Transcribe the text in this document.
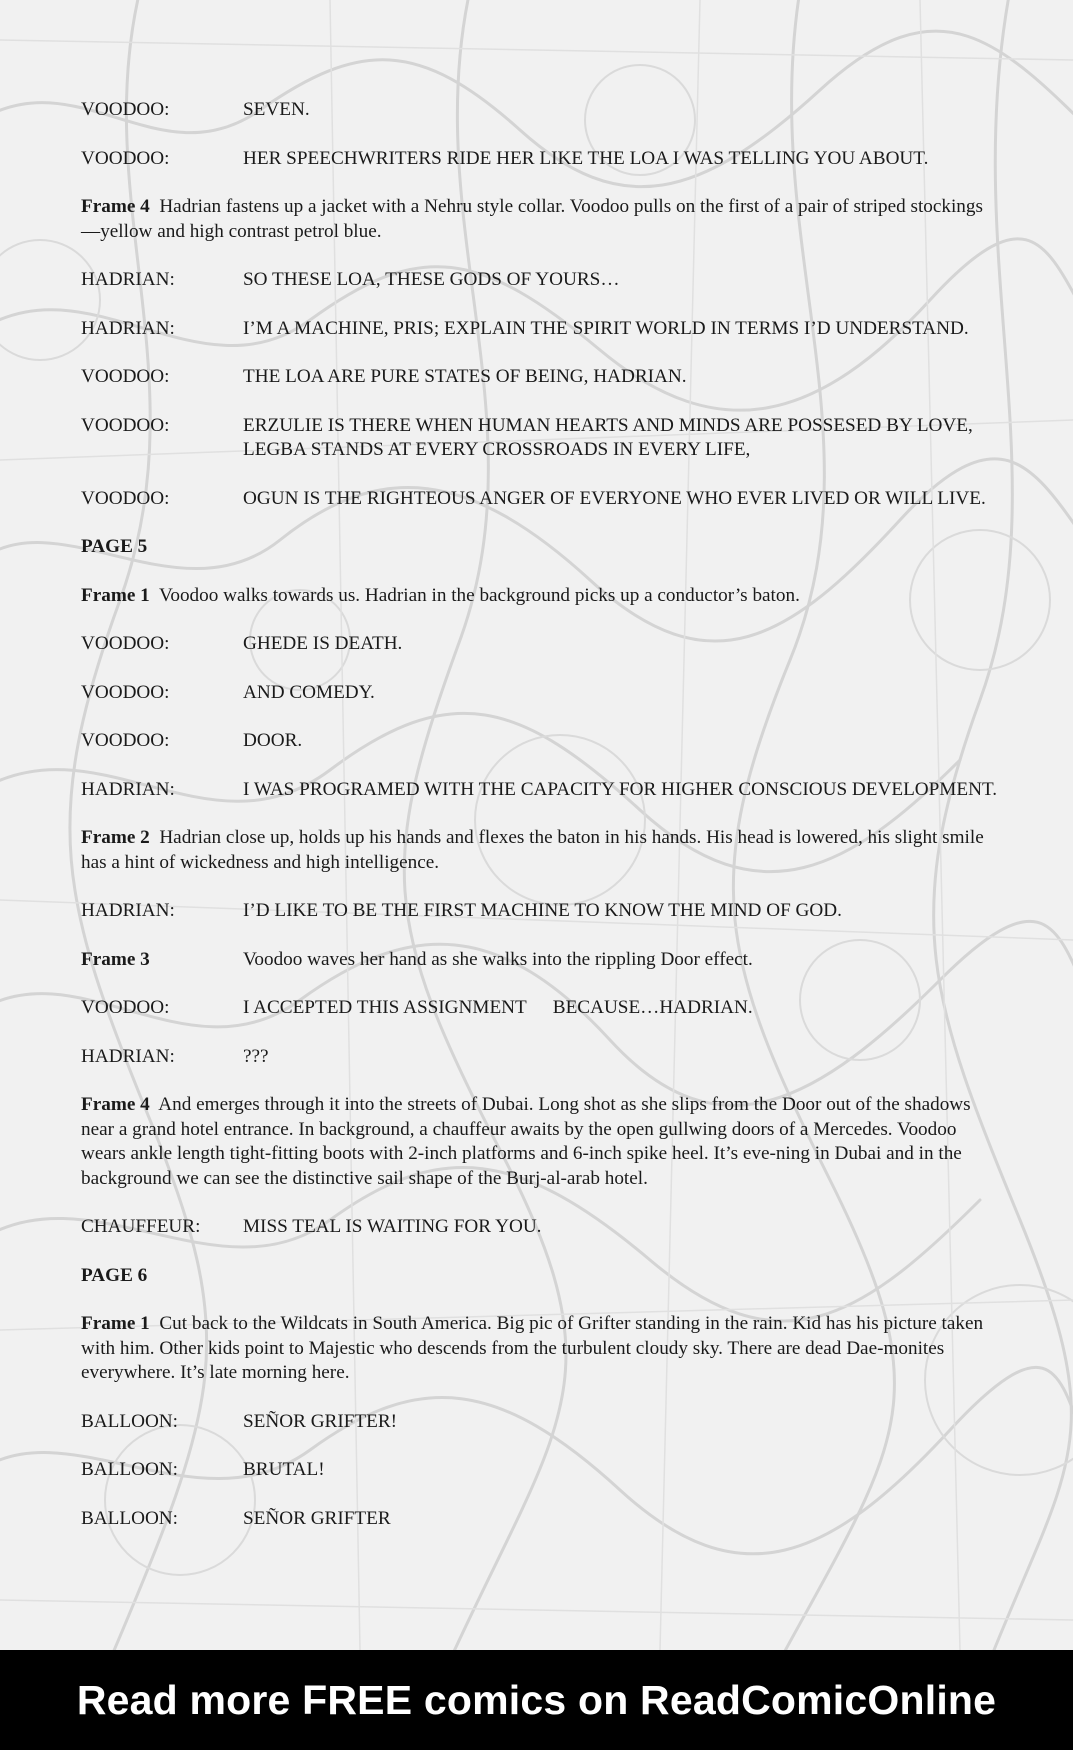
VOODOO:	SEVEN.
VOODOO:	HER SPEECHWRITERS RIDE HER LIKE THE LOA I WAS TELLING YOU ABOUT.
Frame 4 Hadrian fastens up a jacket with a Nehru style collar. Voodoo pulls on the first of a pair of striped stockings—yellow and high contrast petrol blue.
HADRIAN:	SO THESE LOA, THESE GODS OF YOURS…
HADRIAN:	I’M A MACHINE, PRIS; EXPLAIN THE SPIRIT WORLD IN TERMS I’D UNDERSTAND.
VOODOO:	THE LOA ARE PURE STATES OF BEING, HADRIAN.
VOODOO:	ERZULIE IS THERE WHEN HUMAN HEARTS AND MINDS ARE POSSESED BY LOVE, LEGBA STANDS AT EVERY CROSSROADS IN EVERY LIFE,
VOODOO:	OGUN IS THE RIGHTEOUS ANGER OF EVERYONE WHO EVER LIVED OR WILL LIVE.
PAGE 5
Frame 1 Voodoo walks towards us. Hadrian in the background picks up a conductor’s baton.
VOODOO:	GHEDE IS DEATH.
VOODOO:	AND COMEDY.
VOODOO:	DOOR.
HADRIAN:	I WAS PROGRAMED WITH THE CAPACITY FOR HIGHER CONSCIOUS DEVELOPMENT.
Frame 2 Hadrian close up, holds up his hands and flexes the baton in his hands. His head is lowered, his slight smile has a hint of wickedness and high intelligence.
HADRIAN:	I’D LIKE TO BE THE FIRST MACHINE TO KNOW THE MIND OF GOD.
Frame 3	Voodoo waves her hand as she walks into the rippling Door effect.
VOODOO:	I ACCEPTED THIS ASSIGNMENT BECAUSE…HADRIAN.
HADRIAN:	???
Frame 4 And emerges through it into the streets of Dubai. Long shot as she slips from the Door out of the shadows near a grand hotel entrance. In background, a chauffeur awaits by the open gullwing doors of a Mercedes. Voodoo wears ankle length tight-fitting boots with 2-inch platforms and 6-inch spike heel. It’s eve-ning in Dubai and in the background we can see the distinctive sail shape of the Burj-al-arab hotel.
CHAUFFEUR:	MISS TEAL IS WAITING FOR YOU.
PAGE 6
Frame 1 Cut back to the Wildcats in South America. Big pic of Grifter standing in the rain. Kid has his picture taken with him. Other kids point to Majestic who descends from the turbulent cloudy sky. There are dead Dae-monites everywhere. It’s late morning here.
BALLOON:	SEÑOR GRIFTER!
BALLOON:	BRUTAL!
BALLOON:	SEÑOR GRIFTER
Read more FREE comics on ReadComicOnline
